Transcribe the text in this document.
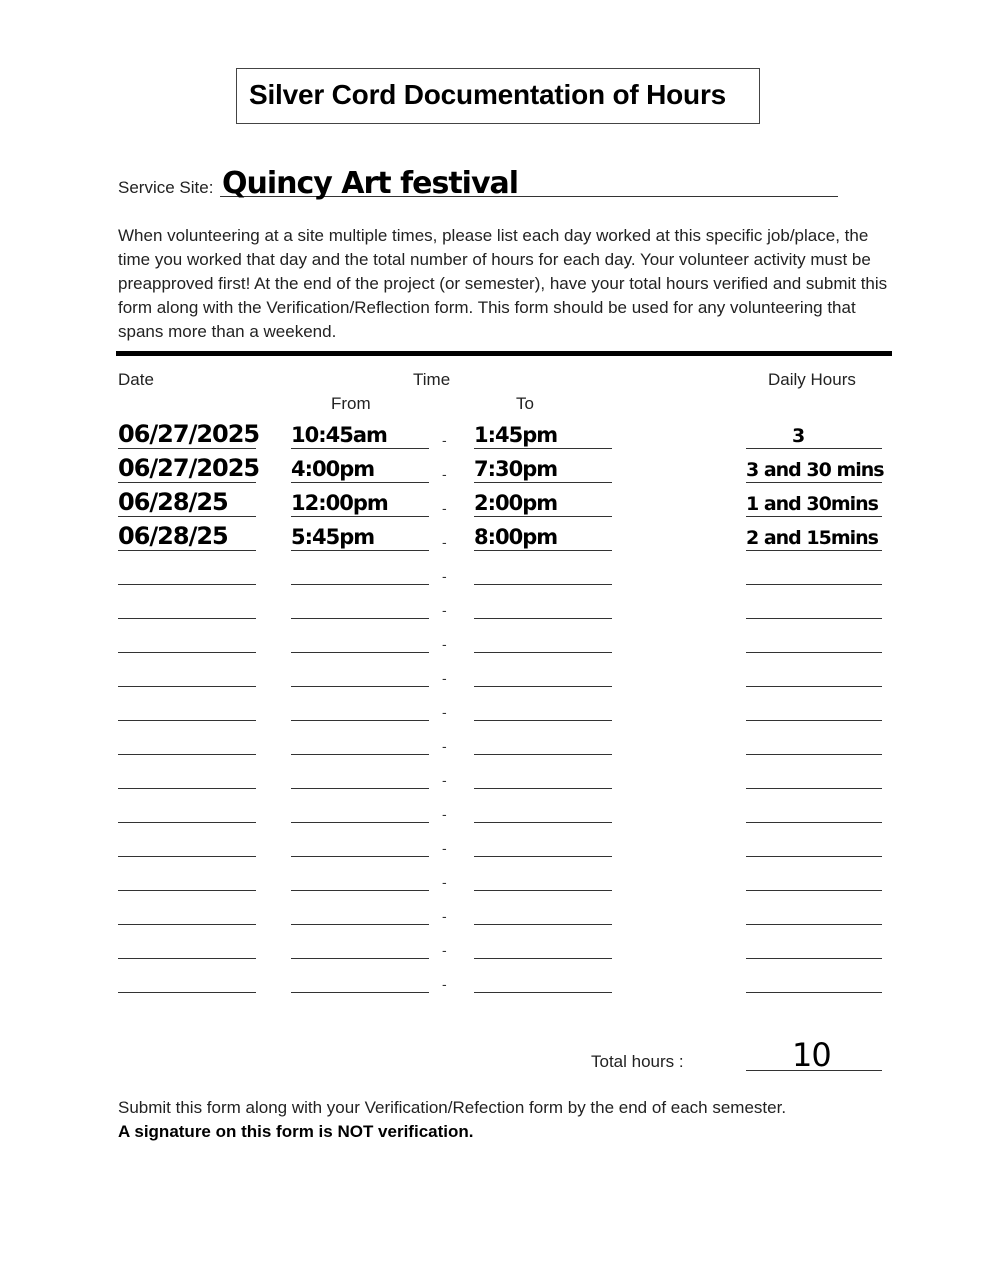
Silver Cord Documentation of Hours
Service Site: Quincy Art festival
When volunteering at a site multiple times, please list each day worked at this specific job/place, the time you worked that day and the total number of hours for each day. Your volunteer activity must be preapproved first! At the end of the project (or semester), have your total hours verified and submit this form along with the Verification/Reflection form. This form should be used for any volunteering that spans more than a weekend.
Date	Time
From	To
Daily Hours
06/27/2025 10:45am	1:45pm	3
-
06/27/2025 4:00pm	7:30pm	3 and 30 mins
-
06/28/25	12:00pm	2:00pm	1 and 30mins
-
06/28/25	5:45pm	8:00pm	2 and 15mins
-
-
-
-
-
-
-
-
-
-
-
-
-
-
Total hours :	10
Submit this form along with your Verification/Refection form by the end of each semester.
A signature on this form is NOT verification.
